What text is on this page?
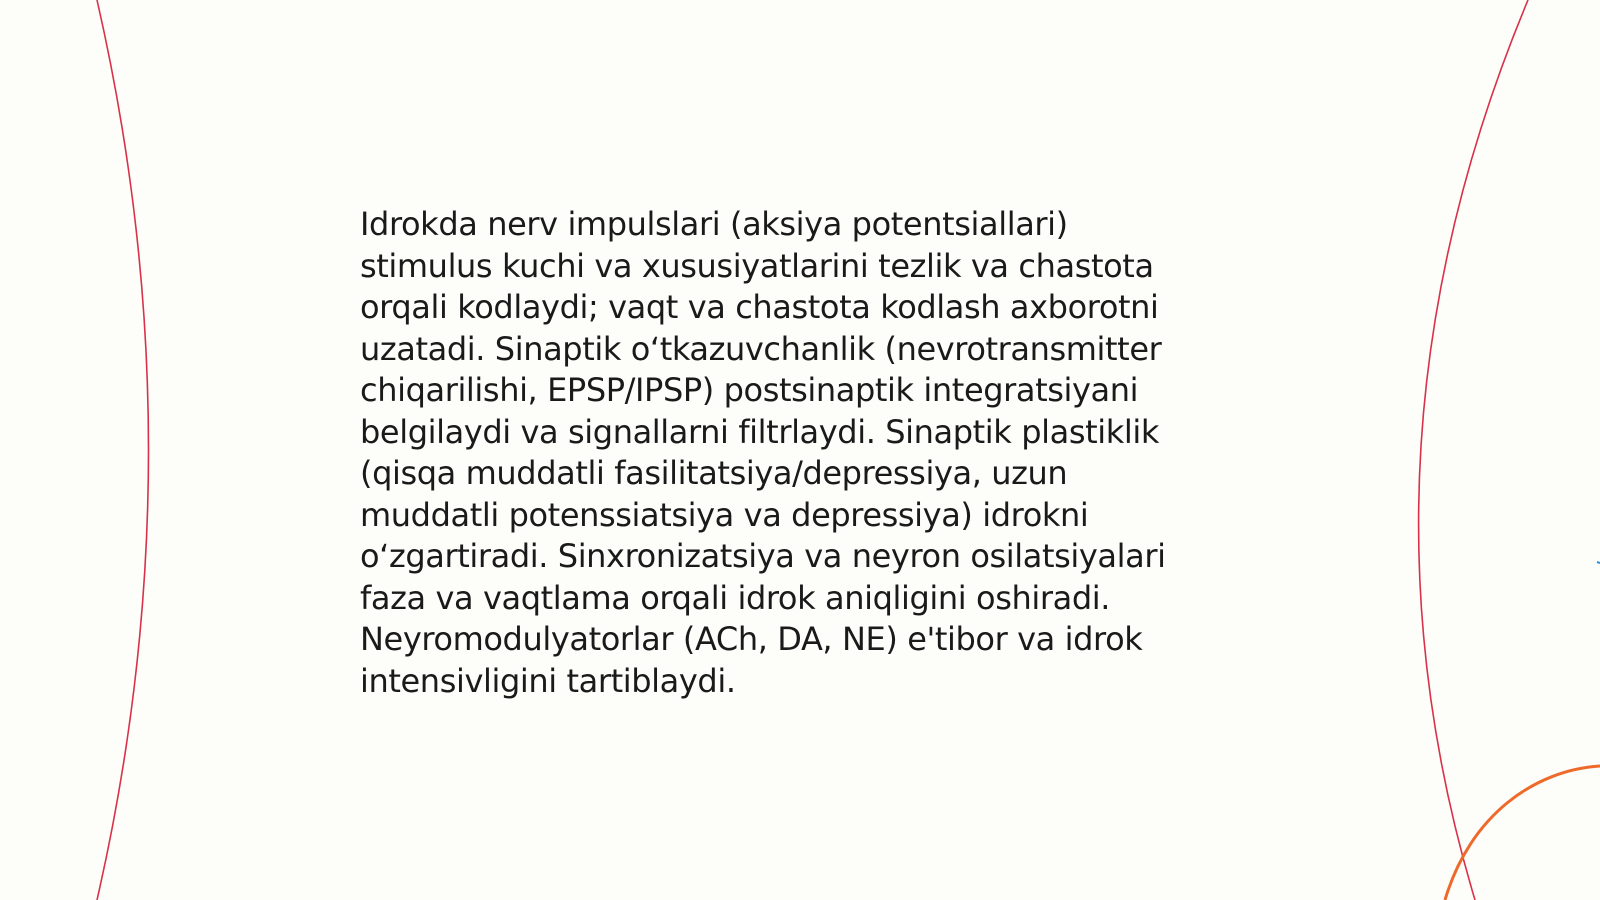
Idrokda nerv impulslari (aksiya potentsiallari)
stimulus kuchi va xususiyatlarini tezlik va chastota
orqali kodlaydi; vaqt va chastota kodlash axborotni
uzatadi. Sinaptik o‘tkazuvchanlik (nevrotransmitter
chiqarilishi, EPSP/IPSP) postsinaptik integratsiyani
belgilaydi va signallarni filtrlaydi. Sinaptik plastiklik
(qisqa muddatli fasilitatsiya/depressiya, uzun
muddatli potenssiatsiya va depressiya) idrokni
o‘zgartiradi. Sinxronizatsiya va neyron osilatsiyalari
faza va vaqtlama orqali idrok aniqligini oshiradi.
Neyromodulyatorlar (ACh, DA, NE) e'tibor va idrok
intensivligini tartiblaydi.
